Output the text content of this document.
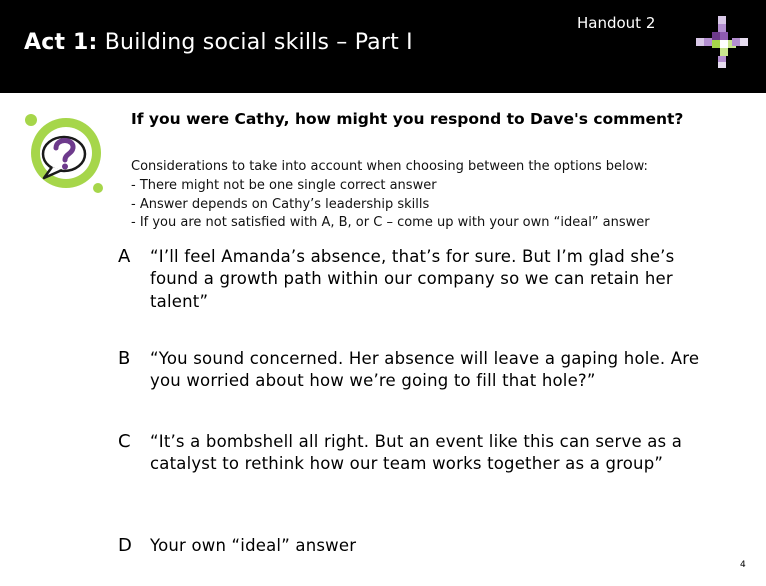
Act 1: Building social skills – Part I
Handout 2
If you were Cathy, how might you respond to Dave's comment?
Considerations to take into account when choosing between the options below:
- There might not be one single correct answer
- Answer depends on Cathy’s leadership skills
- If you are not satisfied with A, B, or C – come up with your own “ideal” answer
A “I’ll feel Amanda’s absence, that’s for sure. But I’m glad she’s found a growth path within our company so we can retain her talent”
B “You sound concerned. Her absence will leave a gaping hole. Are you worried about how we’re going to fill that hole?”
C “It’s a bombshell all right. But an event like this can serve as a catalyst to rethink how our team works together as a group”
D Your own “ideal” answer
4
